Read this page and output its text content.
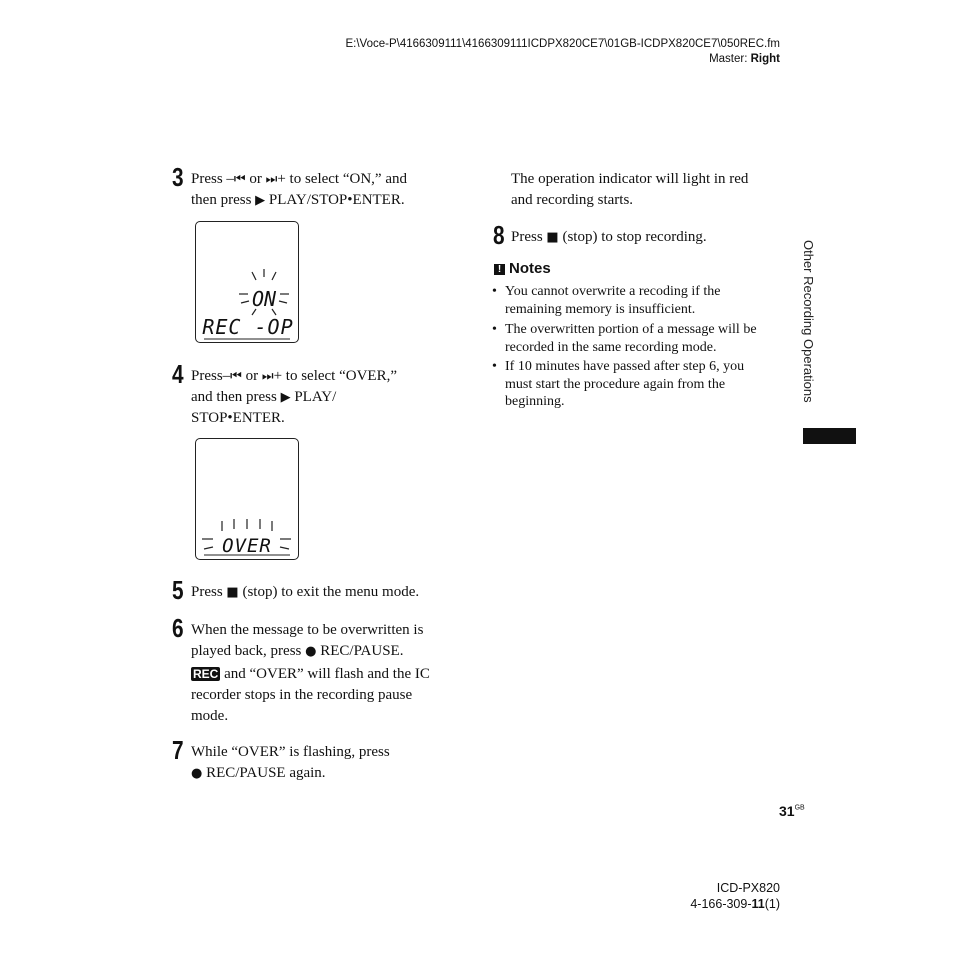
E:\Voce-P\4166309111\4166309111ICDPX820CE7\01GB-ICDPX820CE7\050REC.fm
Master: Right
3 Press –⏮ or ⏭+ to select “ON,” and
then press ▶ PLAY/STOP•ENTER.
ON
REC -OP
4 Press–⏮ or ⏭+ to select “OVER,”
and then press ▶ PLAY/
STOP•ENTER.
OVER
5 Press ■ (stop) to exit the menu mode.
6 When the message to be overwritten is
played back, press ● REC/PAUSE.
REC and “OVER” will flash and the IC
recorder stops in the recording pause
mode.
7 While “OVER” is flashing, press
● REC/PAUSE again.
The operation indicator will light in red
and recording starts.
8 Press ■ (stop) to stop recording.
! Notes
• You cannot overwrite a recoding if the
remaining memory is insufficient.
• The overwritten portion of a message will be
recorded in the same recording mode.
• If 10 minutes have passed after step 6, you
must start the procedure again from the
beginning.	Other Recording Operations
$31^{GB}$
ICD-PX820
4-166-309-11(1)
